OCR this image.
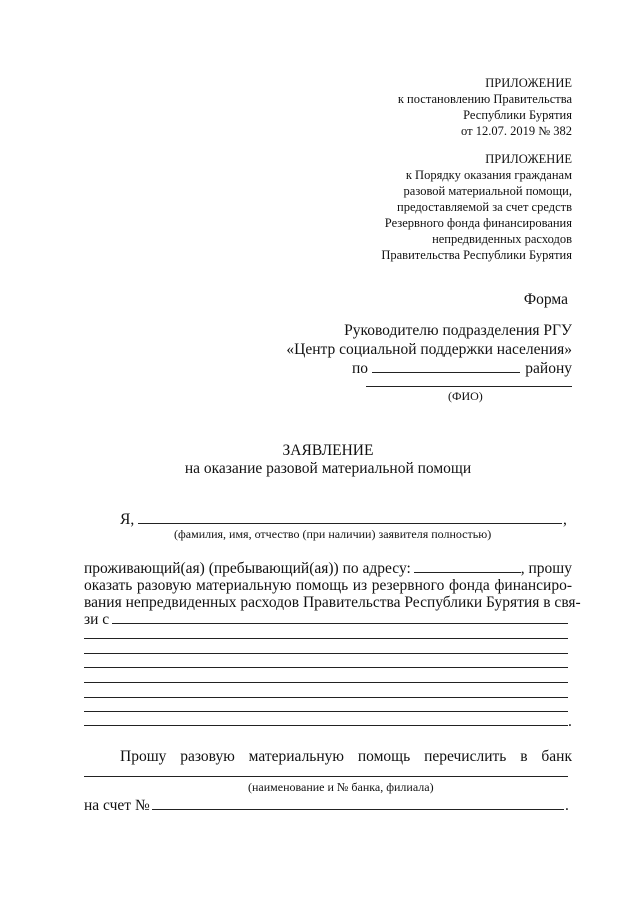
ПРИЛОЖЕНИЕ
к постановлению Правительства
Республики Бурятия
от 12.07. 2019 № 382
ПРИЛОЖЕНИЕ
к Порядку оказания гражданам
разовой материальной помощи,
предоставляемой за счет средств
Резервного фонда финансирования
непредвиденных расходов
Правительства Республики Бурятия
Форма
Руководителю подразделения РГУ
«Центр социальной поддержки населения»
по	району
(ФИО)
ЗАЯВЛЕНИЕ
на оказание разовой материальной помощи
Я,	,
(фамилия, имя, отчество (при наличии) заявителя полностью)
проживающий(ая) (пребывающий(ая)) по адресу:	, прошу
оказать разовую материальную помощь из резервного фонда финансиро-
вания непредвиденных расходов Правительства Республики Бурятия в свя-
зи с
.
Прошу разовую материальную помощь перечислить в банк
(наименование и № банка, филиала)
на счет №	.
